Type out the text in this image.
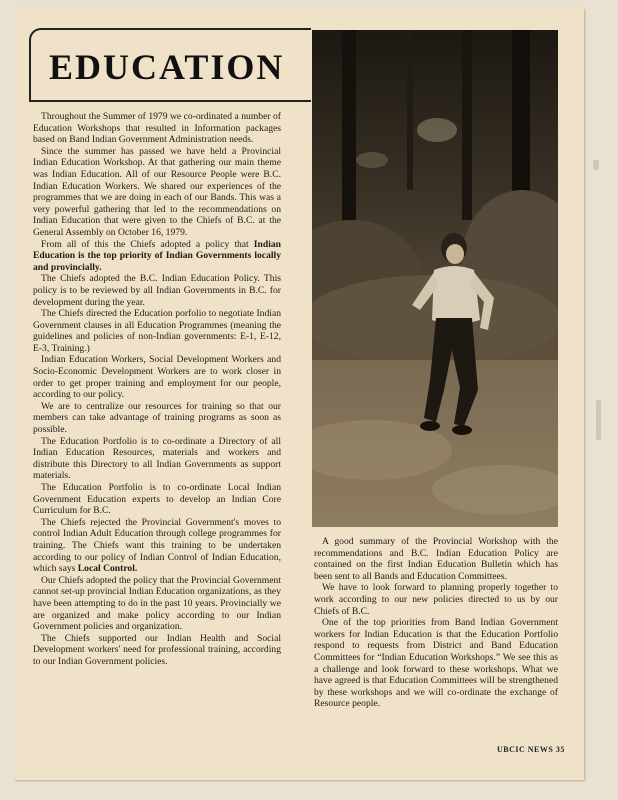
EDUCATION

Throughout the Summer of 1979 we co-ordinated a number of Education Workshops that resulted in Information packages based on Band Indian Government Administration needs.

Since the summer has passed we have held a Provincial Indian Education Workshop. At that gathering our main theme was Indian Education. All of our Resource People were B.C. Indian Education Workers. We shared our experiences of the programmes that we are doing in each of our Bands. This was a very powerful gathering that led to the recommendations on Indian Education that were given to the Chiefs of B.C. at the General Assembly on October 16, 1979.

From all of this the Chiefs adopted a policy that Indian Education is the top priority of Indian Governments locally and provincially.

The Chiefs adopted the B.C. Indian Education Policy. This policy is to be reviewed by all Indian Governments in B.C. for development during the year.

The Chiefs directed the Education porfolio to negotiate Indian Government clauses in all Education Programmes (meaning the guidelines and policies of non-Indian governments: E-1, E-12, E-3, Training.)

Indian Education Workers, Social Development Workers and Socio-Economic Development Workers are to work closer in order to get proper training and employment for our people, according to our policy.

We are to centralize our resources for training so that our members can take advantage of training programs as soon as possible.

The Education Portfolio is to co-ordinate a Directory of all Indian Education Resources, materials and workers and distribute this Directory to all Indian Governments as support materials.

The Education Portfolio is to co-ordinate Local Indian Government Education experts to develop an Indian Core Curriculum for B.C.

The Chiefs rejected the Provincial Government's moves to control Indian Adult Education through college programmes for training. The Chiefs want this training to be undertaken according to our policy of Indian Control of Indian Education, which says Local Control.

Our Chiefs adopted the policy that the Provincial Government cannot set-up provincial Indian Education organizations, as they have been attempting to do in the past 10 years. Provincially we are organized and make policy according to our Indian Government policies and organization.

The Chiefs supported our Indian Health and Social Development workers' need for professional training, according to our Indian Government policies.

A good summary of the Provincial Workshop with the recommendations and B.C. Indian Education Policy are contained on the first Indian Education Bulletin which has been sent to all Bands and Education Committees.

We have to look forward to planning properly together to work according to our new policies directed to us by our Chiefs of B.C.

One of the top priorities from Band Indian Government workers for Indian Education is that the Education Portfolio respond to requests from District and Band Education Committees for “Indian Education Workshops.” We see this as a challenge and look forward to these workshops. What we have agreed is that Education Committees will be strengthened by these workshops and we will co-ordinate the exchange of Resource people.

UBCIC NEWS 35
